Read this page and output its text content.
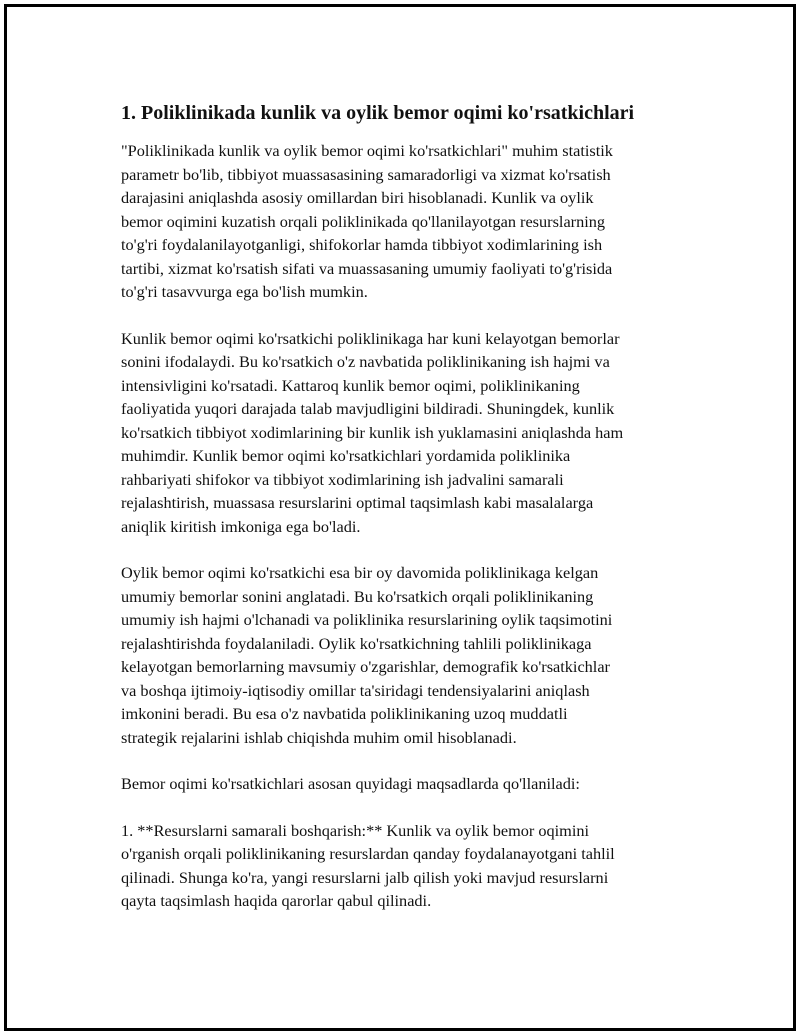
1. Poliklinikada kunlik va oylik bemor oqimi ko'rsatkichlari

"Poliklinikada kunlik va oylik bemor oqimi ko'rsatkichlari" muhim statistik
parametr bo'lib, tibbiyot muassasasining samaradorligi va xizmat ko'rsatish
darajasini aniqlashda asosiy omillardan biri hisoblanadi. Kunlik va oylik
bemor oqimini kuzatish orqali poliklinikada qo'llanilayotgan resurslarning
to'g'ri foydalanilayotganligi, shifokorlar hamda tibbiyot xodimlarining ish
tartibi, xizmat ko'rsatish sifati va muassasaning umumiy faoliyati to'g'risida
to'g'ri tasavvurga ega bo'lish mumkin.

Kunlik bemor oqimi ko'rsatkichi poliklinikaga har kuni kelayotgan bemorlar
sonini ifodalaydi. Bu ko'rsatkich o'z navbatida poliklinikaning ish hajmi va
intensivligini ko'rsatadi. Kattaroq kunlik bemor oqimi, poliklinikaning
faoliyatida yuqori darajada talab mavjudligini bildiradi. Shuningdek, kunlik
ko'rsatkich tibbiyot xodimlarining bir kunlik ish yuklamasini aniqlashda ham
muhimdir. Kunlik bemor oqimi ko'rsatkichlari yordamida poliklinika
rahbariyati shifokor va tibbiyot xodimlarining ish jadvalini samarali
rejalashtirish, muassasa resurslarini optimal taqsimlash kabi masalalarga
aniqlik kiritish imkoniga ega bo'ladi.

Oylik bemor oqimi ko'rsatkichi esa bir oy davomida poliklinikaga kelgan
umumiy bemorlar sonini anglatadi. Bu ko'rsatkich orqali poliklinikaning
umumiy ish hajmi o'lchanadi va poliklinika resurslarining oylik taqsimotini
rejalashtirishda foydalaniladi. Oylik ko'rsatkichning tahlili poliklinikaga
kelayotgan bemorlarning mavsumiy o'zgarishlar, demografik ko'rsatkichlar
va boshqa ijtimoiy-iqtisodiy omillar ta'siridagi tendensiyalarini aniqlash
imkonini beradi. Bu esa o'z navbatida poliklinikaning uzoq muddatli
strategik rejalarini ishlab chiqishda muhim omil hisoblanadi.

Bemor oqimi ko'rsatkichlari asosan quyidagi maqsadlarda qo'llaniladi:

1. **Resurslarni samarali boshqarish:** Kunlik va oylik bemor oqimini
o'rganish orqali poliklinikaning resurslardan qanday foydalanayotgani tahlil
qilinadi. Shunga ko'ra, yangi resurslarni jalb qilish yoki mavjud resurslarni
qayta taqsimlash haqida qarorlar qabul qilinadi.
